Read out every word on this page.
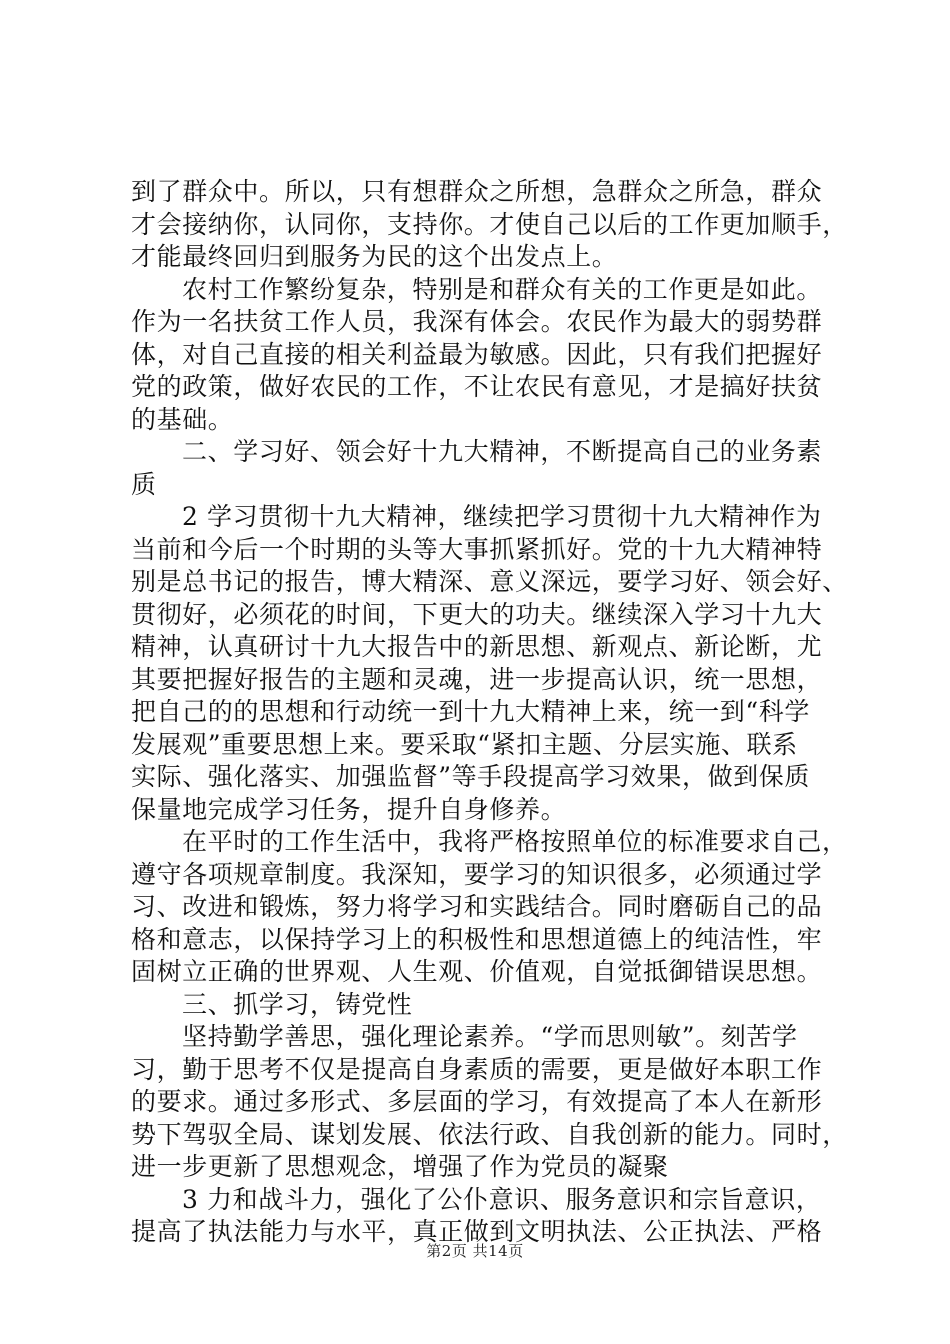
到了群众中。所以，只有想群众之所想，急群众之所急，群众
才会接纳你，认同你，支持你。才使自己以后的工作更加顺手，
才能最终回归到服务为民的这个出发点上。
农村工作繁纷复杂，特别是和群众有关的工作更是如此。
作为一名扶贫工作人员，我深有体会。农民作为最大的弱势群
体，对自己直接的相关利益最为敏感。因此，只有我们把握好
党的政策，做好农民的工作，不让农民有意见，才是搞好扶贫
的基础。
二、学习好、领会好十九大精神，不断提高自己的业务素
质
2 学习贯彻十九大精神，继续把学习贯彻十九大精神作为
当前和今后一个时期的头等大事抓紧抓好。党的十九大精神特
别是总书记的报告，博大精深、意义深远，要学习好、领会好、
贯彻好，必须花的时间，下更大的功夫。继续深入学习十九大
精神，认真研讨十九大报告中的新思想、新观点、新论断，尤
其要把握好报告的主题和灵魂，进一步提高认识，统一思想，
把自己的的思想和行动统一到十九大精神上来，统一到“科学
发展观”重要思想上来。要采取“紧扣主题、分层实施、联系
实际、强化落实、加强监督”等手段提高学习效果，做到保质
保量地完成学习任务，提升自身修养。
在平时的工作生活中，我将严格按照单位的标准要求自己，
遵守各项规章制度。我深知，要学习的知识很多，必须通过学
习、改进和锻炼，努力将学习和实践结合。同时磨砺自己的品
格和意志，以保持学习上的积极性和思想道德上的纯洁性，牢
固树立正确的世界观、人生观、价值观，自觉抵御错误思想。
三、抓学习，铸党性
坚持勤学善思，强化理论素养。“学而思则敏”。刻苦学
习，勤于思考不仅是提高自身素质的需要，更是做好本职工作
的要求。通过多形式、多层面的学习，有效提高了本人在新形
势下驾驭全局、谋划发展、依法行政、自我创新的能力。同时，
进一步更新了思想观念，增强了作为党员的凝聚
3 力和战斗力，强化了公仆意识、服务意识和宗旨意识，
提高了执法能力与水平，真正做到文明执法、公正执法、严格
第2页 共14页
